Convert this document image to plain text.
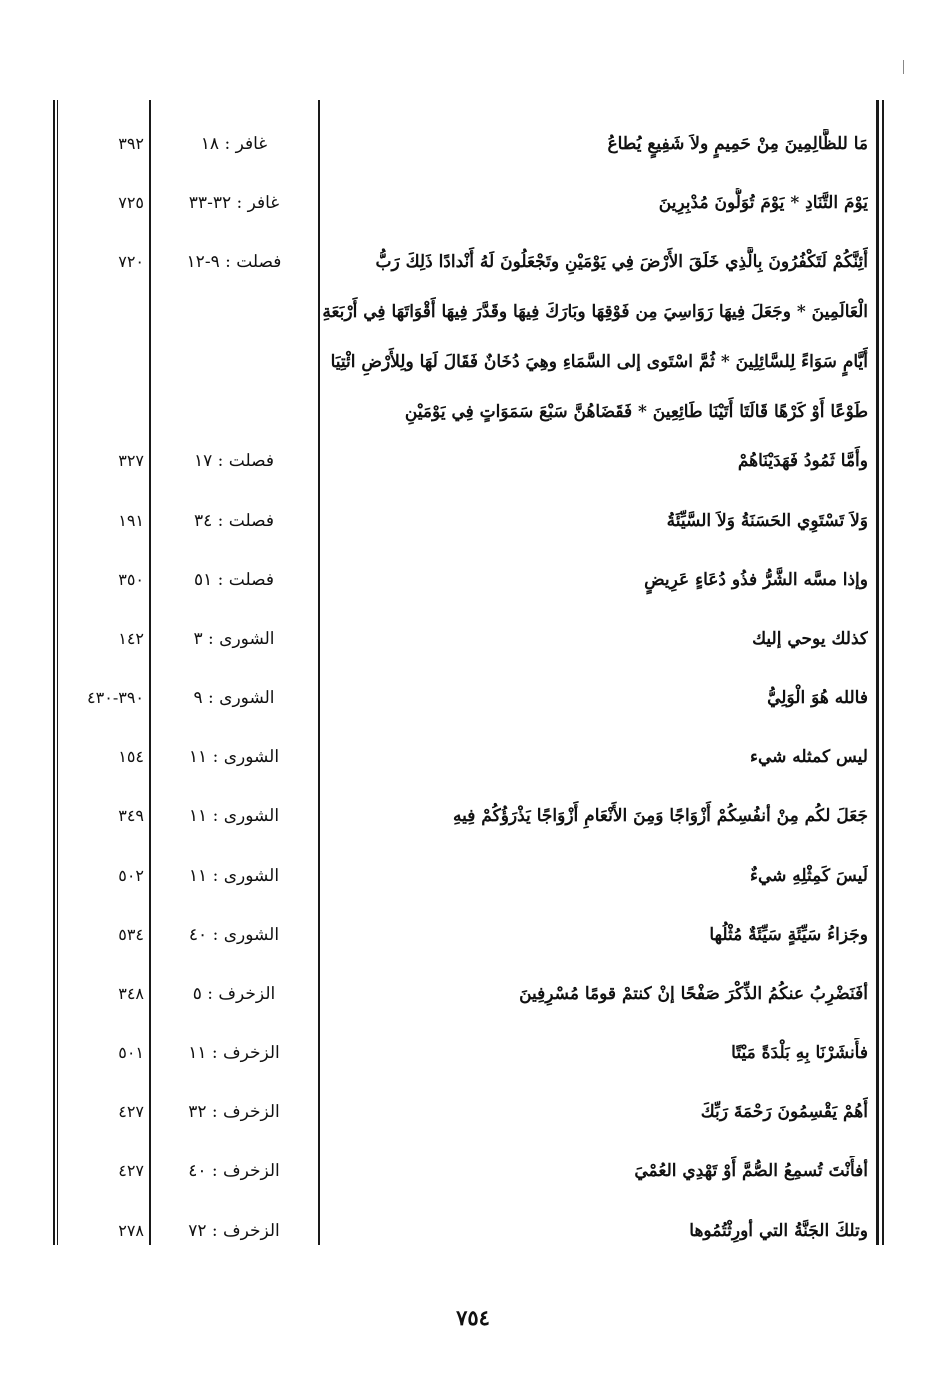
مَا للظَّالِمِينَ مِنْ حَمِيمٍ ولاَ شَفِيعٍ يُطاعُ
غافر : ١٨
٣٩٢
يَوْمَ التَّنَادِ * يَوْمَ تُوَلُّونَ مُدْبِرِينَ
غافر : ٣٢-٣٣
٧٢٥
أَئِنَّكُمْ لَتَكْفُرُونَ بِالَّذِي خَلَقَ الأَرْضَ فِي يَوْمَيْنِ وتَجْعَلُونَ لَهُ أَنْدادًا ذَلِكَ رَبُّ
الْعَالَمِينَ * وجَعَلَ فِيهَا رَوَاسِيَ مِن فَوْقِهَا وبَارَكَ فِيهَا وقَدَّرَ فِيهَا أَقْوَاتَهَا فِي أَرْبَعَةِ
أَيَّامٍ سَوَاءً لِلسَّائِلِينَ * ثُمَّ اسْتَوى إلى السَّمَاءِ وهِيَ دُخَانٌ فَقَالَ لَهَا ولِلأَرْضِ ائْتِيَا
طَوْعًا أَوْ كَرْهًا قَالَتَا أَتَيْنَا طَائِعِينَ * فَقَضَاهُنَّ سَبْعَ سَمَوَاتٍ فِي يَوْمَيْنِ
فصلت : ٩-١٢
٧٢٠
وأَمَّا ثَمُودُ فَهَدَيْنَاهُمْ
فصلت : ١٧
٣٢٧
وَلاَ تَسْتَوِي الحَسَنَةُ وَلاَ السَّيِّئَةُ
فصلت : ٣٤
١٩١
وإذا مسَّه الشَّرُّ فذُو دُعَاءٍ عَرِيضٍ
فصلت : ٥١
٣٥٠
كذلك يوحي إليك
الشورى : ٣
١٤٢
فالله هُوَ الْوَلِيُّ
الشورى : ٩
٣٩٠-٤٣٠
ليس كمثله شيء
الشورى : ١١
١٥٤
جَعَلَ لكُم مِنْ أنفُسِكُمْ أَزْوَاجًا وَمِنَ الأَنْعَامِ أَزْوَاجًا يَذْرَؤُكُمْ فِيهِ
الشورى : ١١
٣٤٩
لَيسَ كَمِثْلِهِ شيءٌ
الشورى : ١١
٥٠٢
وجَزاءُ سَيِّئَةٍ سَيِّئَةٌ مُثْلُها
الشورى : ٤٠
٥٣٤
أفَنَضْرِبُ عنكُمُ الذِّكْرَ صَفْحًا إنْ كنتمْ قومًا مُسْرِفِينَ
الزخرف : ٥
٣٤٨
فأَنشَرْنَا بِهِ بَلْدَةً مَيْتًا
الزخرف : ١١
٥٠١
أَهُمْ يَقْسِمُونَ رَحْمَةَ رَبِّكَ
الزخرف : ٣٢
٤٢٧
أفأَنْتَ تُسمِعُ الصُّمَّ أَوْ تَهْدِي العُمْيَ
الزخرف : ٤٠
٤٢٧
وتلكَ الجَنَّةُ التي أورِثْتُمُوها
الزخرف : ٧٢
٢٧٨
٧٥٤
